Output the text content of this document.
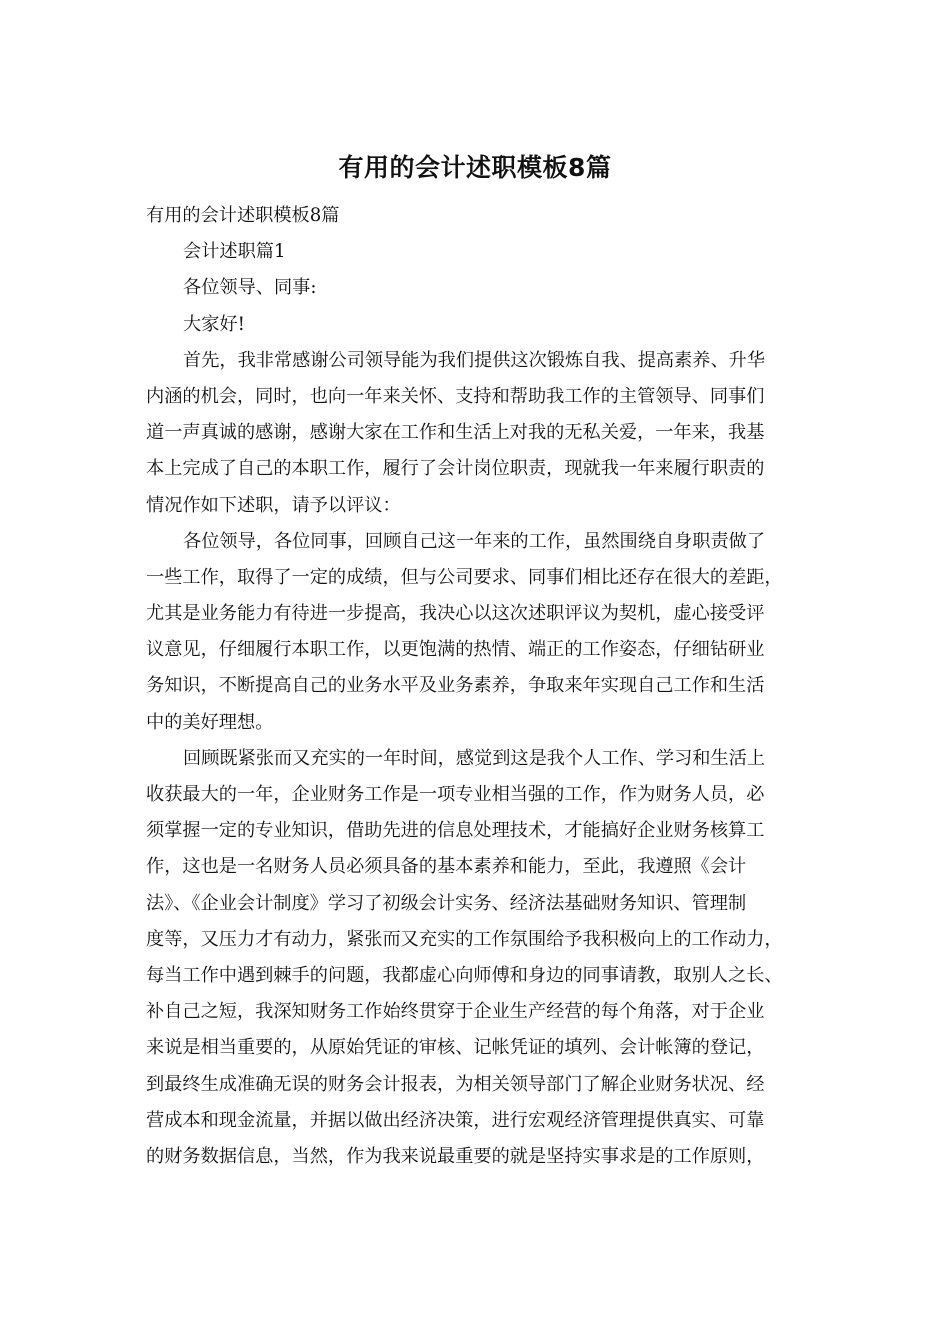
有用的会计述职模板8篇
有用的会计述职模板8篇
会计述职篇1
各位领导、同事:
大家好!
首先，我非常感谢公司领导能为我们提供这次锻炼自我、提高素养、升华
内涵的机会，同时，也向一年来关怀、支持和帮助我工作的主管领导、同事们
道一声真诚的感谢，感谢大家在工作和生活上对我的无私关爱，一年来，我基
本上完成了自己的本职工作，履行了会计岗位职责，现就我一年来履行职责的
情况作如下述职，请予以评议：
各位领导，各位同事，回顾自己这一年来的工作，虽然围绕自身职责做了
一些工作，取得了一定的成绩，但与公司要求、同事们相比还存在很大的差距，
尤其是业务能力有待进一步提高，我决心以这次述职评议为契机，虚心接受评
议意见，仔细履行本职工作，以更饱满的热情、端正的工作姿态，仔细钻研业
务知识，不断提高自己的业务水平及业务素养，争取来年实现自己工作和生活
中的美好理想。
回顾既紧张而又充实的一年时间，感觉到这是我个人工作、学习和生活上
收获最大的一年，企业财务工作是一项专业相当强的工作，作为财务人员，必
须掌握一定的专业知识，借助先进的信息处理技术，才能搞好企业财务核算工
作，这也是一名财务人员必须具备的基本素养和能力，至此，我遵照《会计
法》、《企业会计制度》学习了初级会计实务、经济法基础财务知识、管理制
度等，又压力才有动力，紧张而又充实的工作氛围给予我积极向上的工作动力，
每当工作中遇到棘手的问题，我都虚心向师傅和身边的同事请教，取别人之长、
补自己之短，我深知财务工作始终贯穿于企业生产经营的每个角落，对于企业
来说是相当重要的，从原始凭证的审核、记帐凭证的填列、会计帐簿的登记，
到最终生成准确无误的财务会计报表，为相关领导部门了解企业财务状况、经
营成本和现金流量，并据以做出经济决策，进行宏观经济管理提供真实、可靠
的财务数据信息，当然，作为我来说最重要的就是坚持实事求是的工作原则，
